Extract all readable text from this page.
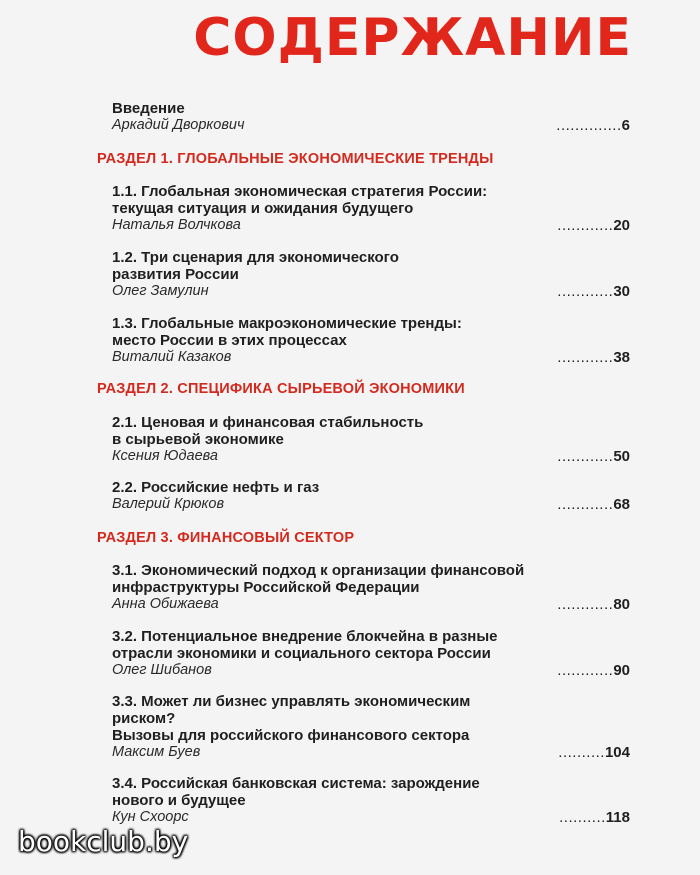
СОДЕРЖАНИЕ
Введение
Аркадий Дворкович	..............6
РАЗДЕЛ 1. ГЛОБАЛЬНЫЕ ЭКОНОМИЧЕСКИЕ ТРЕНДЫ
1.1. Глобальная экономическая стратегия России:
текущая ситуация и ожидания будущего
Наталья Волчкова	............20
1.2. Три сценария для экономического
развития России
Олег Замулин	............30
1.3. Глобальные макроэкономические тренды:
место России в этих процессах
Виталий Казаков	............38
РАЗДЕЛ 2. СПЕЦИФИКА СЫРЬЕВОЙ ЭКОНОМИКИ
2.1. Ценовая и финансовая стабильность
в сырьевой экономике
Ксения Юдаева	............50
2.2. Российские нефть и газ
Валерий Крюков	............68
РАЗДЕЛ 3. ФИНАНСОВЫЙ СЕКТОР
3.1. Экономический подход к организации финансовой
инфраструктуры Российской Федерации
Анна Обижаева	............80
3.2. Потенциальное внедрение блокчейна в разные
отрасли экономики и социального сектора России
Олег Шибанов	............90
3.3. Может ли бизнес управлять экономическим
риском?
Вызовы для российского финансового сектора
Максим Буев	..........104
3.4. Российская банковская система: зарождение
нового и будущее
Кун Схоорс	..........118
bookclub.by
